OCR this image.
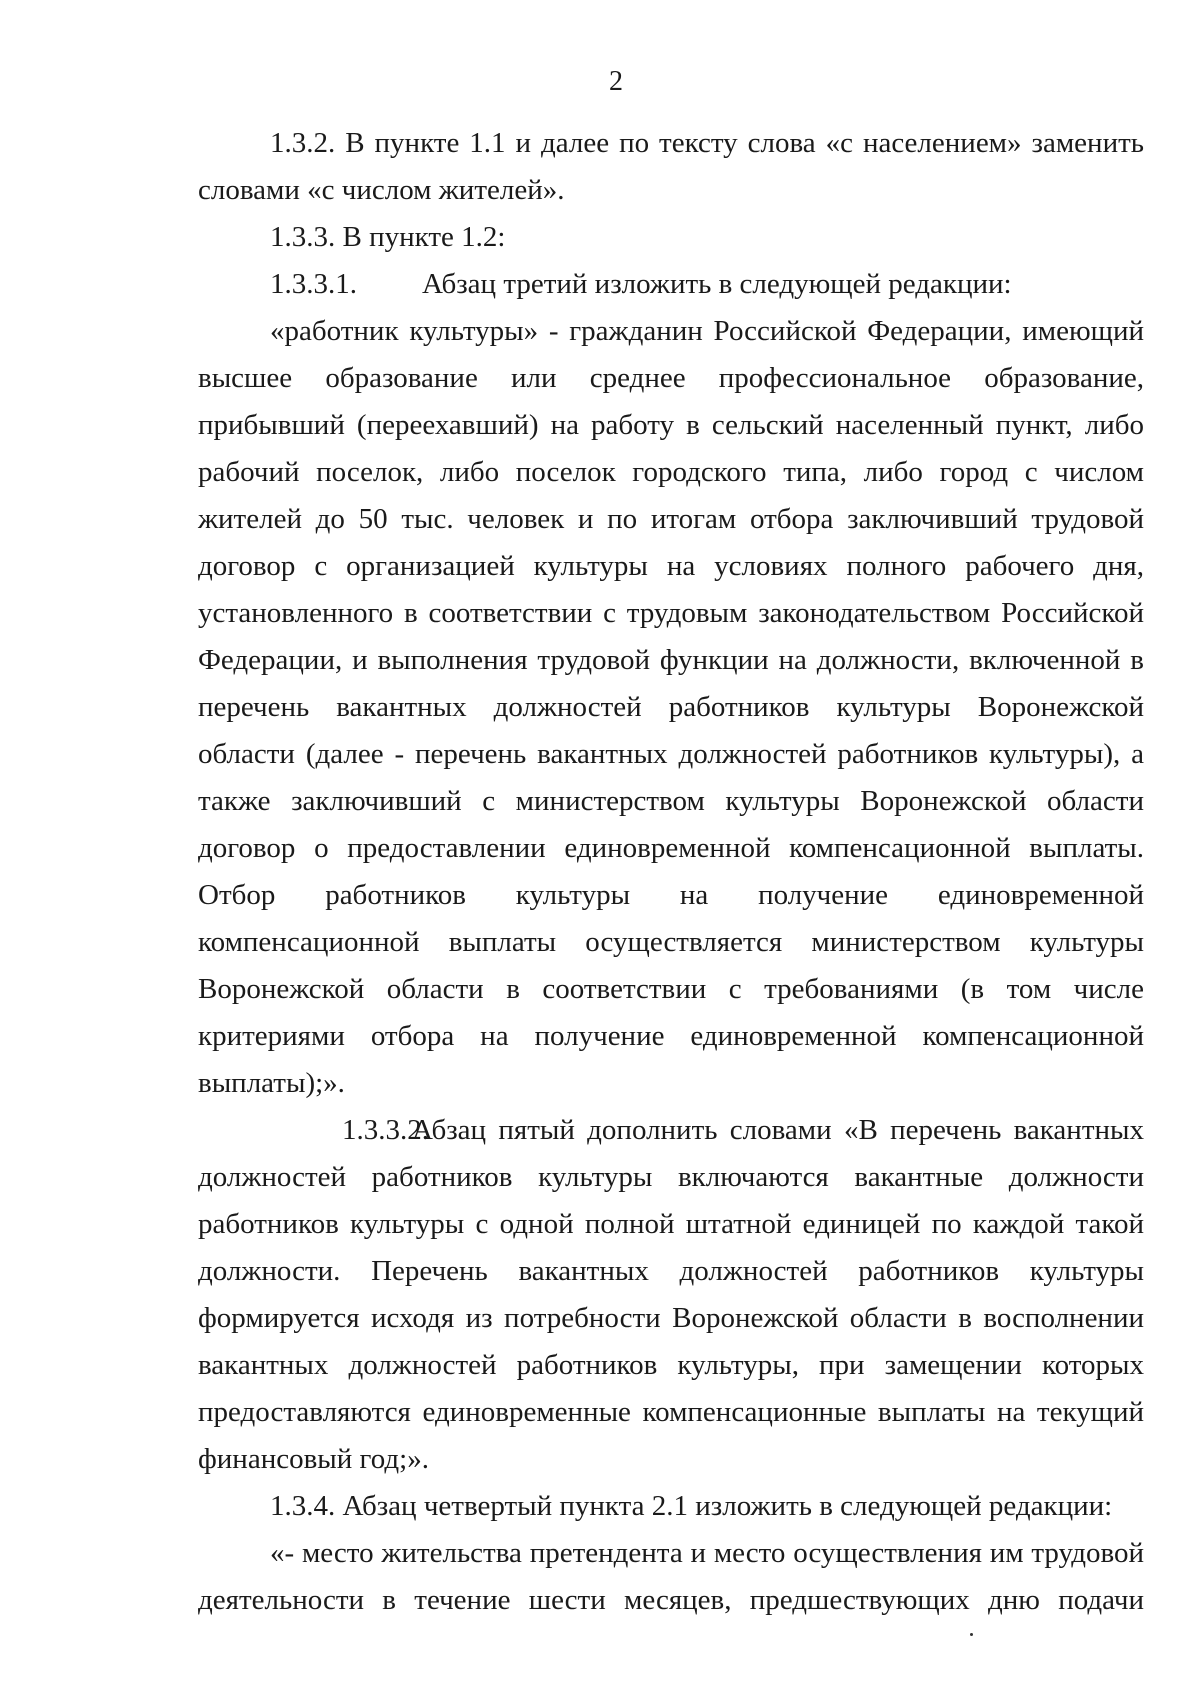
2

1.3.2. В пункте 1.1 и далее по тексту слова «с населением» заменить словами «с числом жителей».

1.3.3. В пункте 1.2:

1.3.3.1.	Абзац третий изложить в следующей редакции:

«работник культуры» - гражданин Российской Федерации, имеющий высшее образование или среднее профессиональное образование, прибывший (переехавший) на работу в сельский населенный пункт, либо рабочий поселок, либо поселок городского типа, либо город с числом жителей до 50 тыс. человек и по итогам отбора заключивший трудовой договор с организацией культуры на условиях полного рабочего дня, установленного в соответствии с трудовым законодательством Российской Федерации, и выполнения трудовой функции на должности, включенной в перечень вакантных должностей работников культуры Воронежской области (далее - перечень вакантных должностей работников культуры), а также заключивший с министерством культуры Воронежской области договор о предоставлении единовременной компенсационной выплаты. Отбор работников культуры на получение единовременной компенсационной выплаты осуществляется министерством культуры Воронежской области в соответствии с требованиями (в том числе критериями отбора на получение единовременной компенсационной выплаты);».

1.3.3.2.Абзац пятый дополнить словами «В перечень вакантных должностей работников культуры включаются вакантные должности работников культуры с одной полной штатной единицей по каждой такой должности. Перечень вакантных должностей работников культуры формируется исходя из потребности Воронежской области в восполнении вакантных должностей работников культуры, при замещении которых предоставляются единовременные компенсационные выплаты на текущий финансовый год;».

1.3.4. Абзац четвертый пункта 2.1 изложить в следующей редакции:

«- место жительства претендента и место осуществления им трудовой деятельности в течение шести месяцев, предшествующих дню подачи
